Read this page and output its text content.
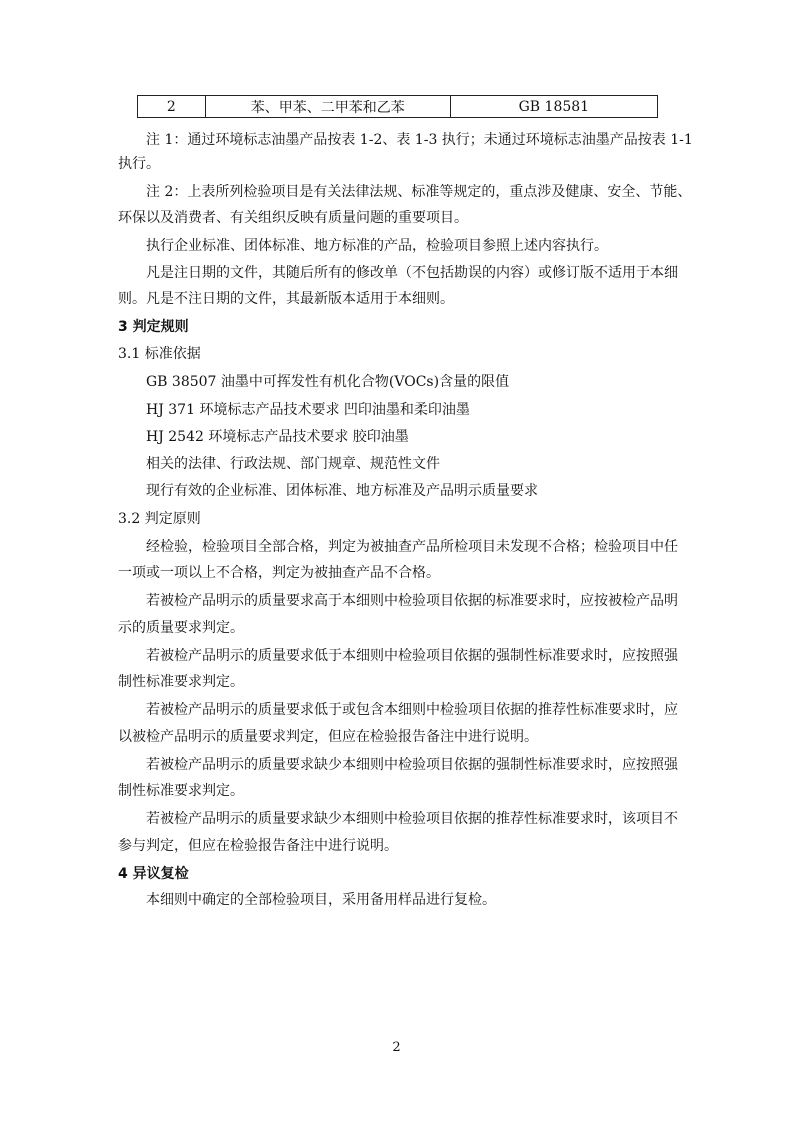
2	苯、甲苯、二甲苯和乙苯	GB 18581
注 1：通过环境标志油墨产品按表 1-2、表 1-3 执行；未通过环境标志油墨产品按表 1-1
执行。
注 2：上表所列检验项目是有关法律法规、标准等规定的，重点涉及健康、安全、节能、
环保以及消费者、有关组织反映有质量问题的重要项目。
执行企业标准、团体标准、地方标准的产品，检验项目参照上述内容执行。
凡是注日期的文件，其随后所有的修改单（不包括勘误的内容）或修订版不适用于本细
则。凡是不注日期的文件，其最新版本适用于本细则。
3 判定规则
3.1 标准依据
GB 38507 油墨中可挥发性有机化合物(VOCs)含量的限值
HJ 371 环境标志产品技术要求 凹印油墨和柔印油墨
HJ 2542 环境标志产品技术要求 胶印油墨
相关的法律、行政法规、部门规章、规范性文件
现行有效的企业标准、团体标准、地方标准及产品明示质量要求
3.2 判定原则
经检验，检验项目全部合格，判定为被抽查产品所检项目未发现不合格；检验项目中任
一项或一项以上不合格，判定为被抽查产品不合格。
若被检产品明示的质量要求高于本细则中检验项目依据的标准要求时，应按被检产品明
示的质量要求判定。
若被检产品明示的质量要求低于本细则中检验项目依据的强制性标准要求时，应按照强
制性标准要求判定。
若被检产品明示的质量要求低于或包含本细则中检验项目依据的推荐性标准要求时，应
以被检产品明示的质量要求判定，但应在检验报告备注中进行说明。
若被检产品明示的质量要求缺少本细则中检验项目依据的强制性标准要求时，应按照强
制性标准要求判定。
若被检产品明示的质量要求缺少本细则中检验项目依据的推荐性标准要求时，该项目不
参与判定，但应在检验报告备注中进行说明。
4 异议复检
本细则中确定的全部检验项目，采用备用样品进行复检。
2
